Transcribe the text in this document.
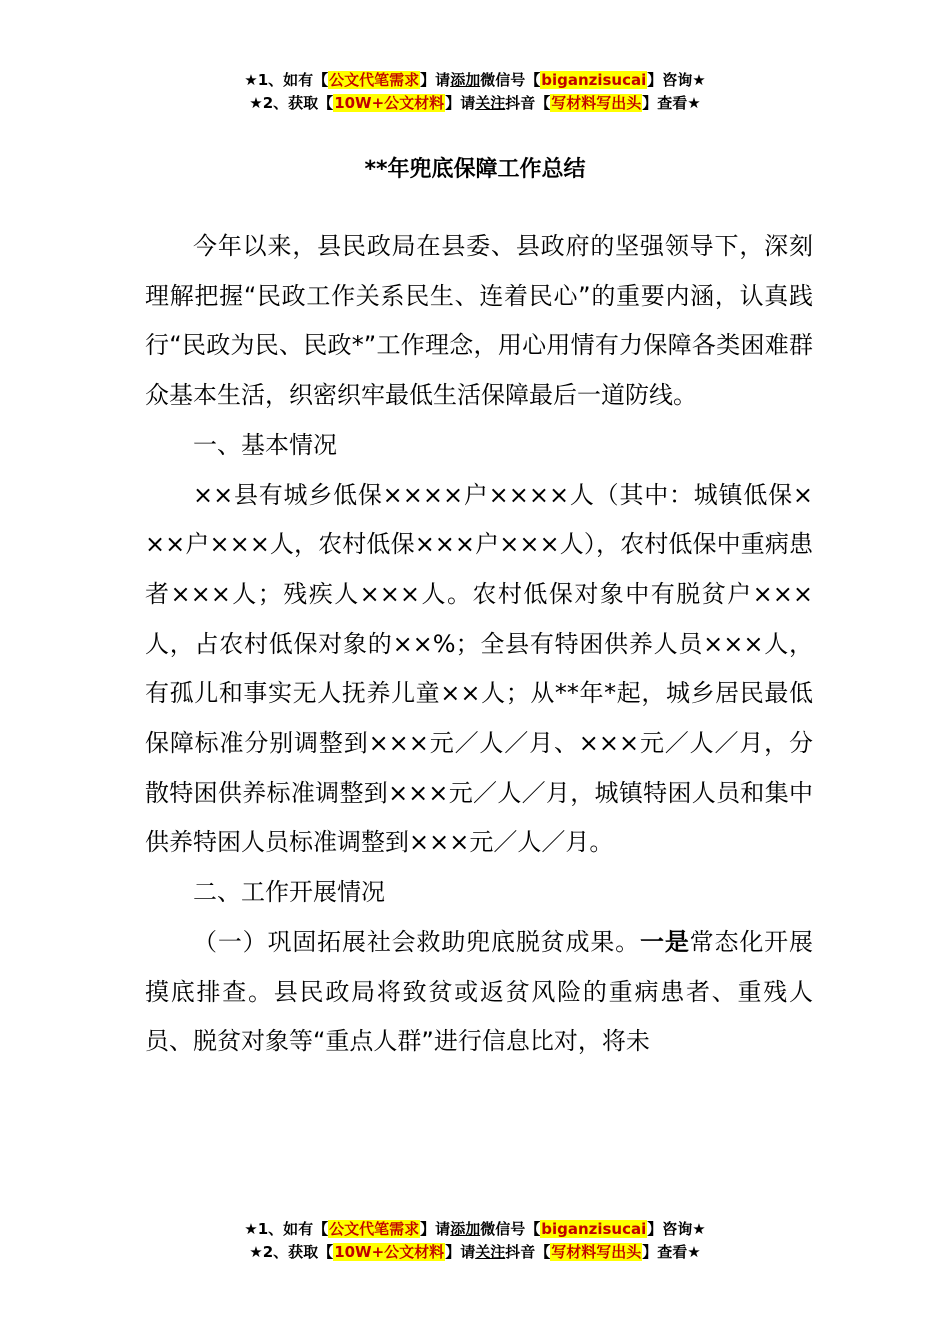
★1、如有【公文代笔需求】请添加微信号【biganzisucai】咨询★
★2、获取【10W+公文材料】请关注抖音【写材料写出头】查看★
**年兜底保障工作总结

今年以来，县民政局在县委、县政府的坚强领导下，深刻理解把握“民政工作关系民生、连着民心”的重要内涵，认真践行“民政为民、民政*”工作理念，用心用情有力保障各类困难群众基本生活，织密织牢最低生活保障最后一道防线。

一、基本情况

××县有城乡低保××××户××××人（其中：城镇低保×××户×××人，农村低保×××户×××人），农村低保中重病患者×××人；残疾人×××人。农村低保对象中有脱贫户×××人，占农村低保对象的××%；全县有特困供养人员×××人，有孤儿和事实无人抚养儿童××人；从**年*起，城乡居民最低保障标准分别调整到×××元／人／月、×××元／人／月，分散特困供养标准调整到×××元／人／月，城镇特困人员和集中供养特困人员标准调整到×××元／人／月。

二、工作开展情况

（一）巩固拓展社会救助兜底脱贫成果。一是常态化开展摸底排查。县民政局将致贫或返贫风险的重病患者、重残人员、脱贫对象等“重点人群”进行信息比对，将未

★1、如有【公文代笔需求】请添加微信号【biganzisucai】咨询★
★2、获取【10W+公文材料】请关注抖音【写材料写出头】查看★
